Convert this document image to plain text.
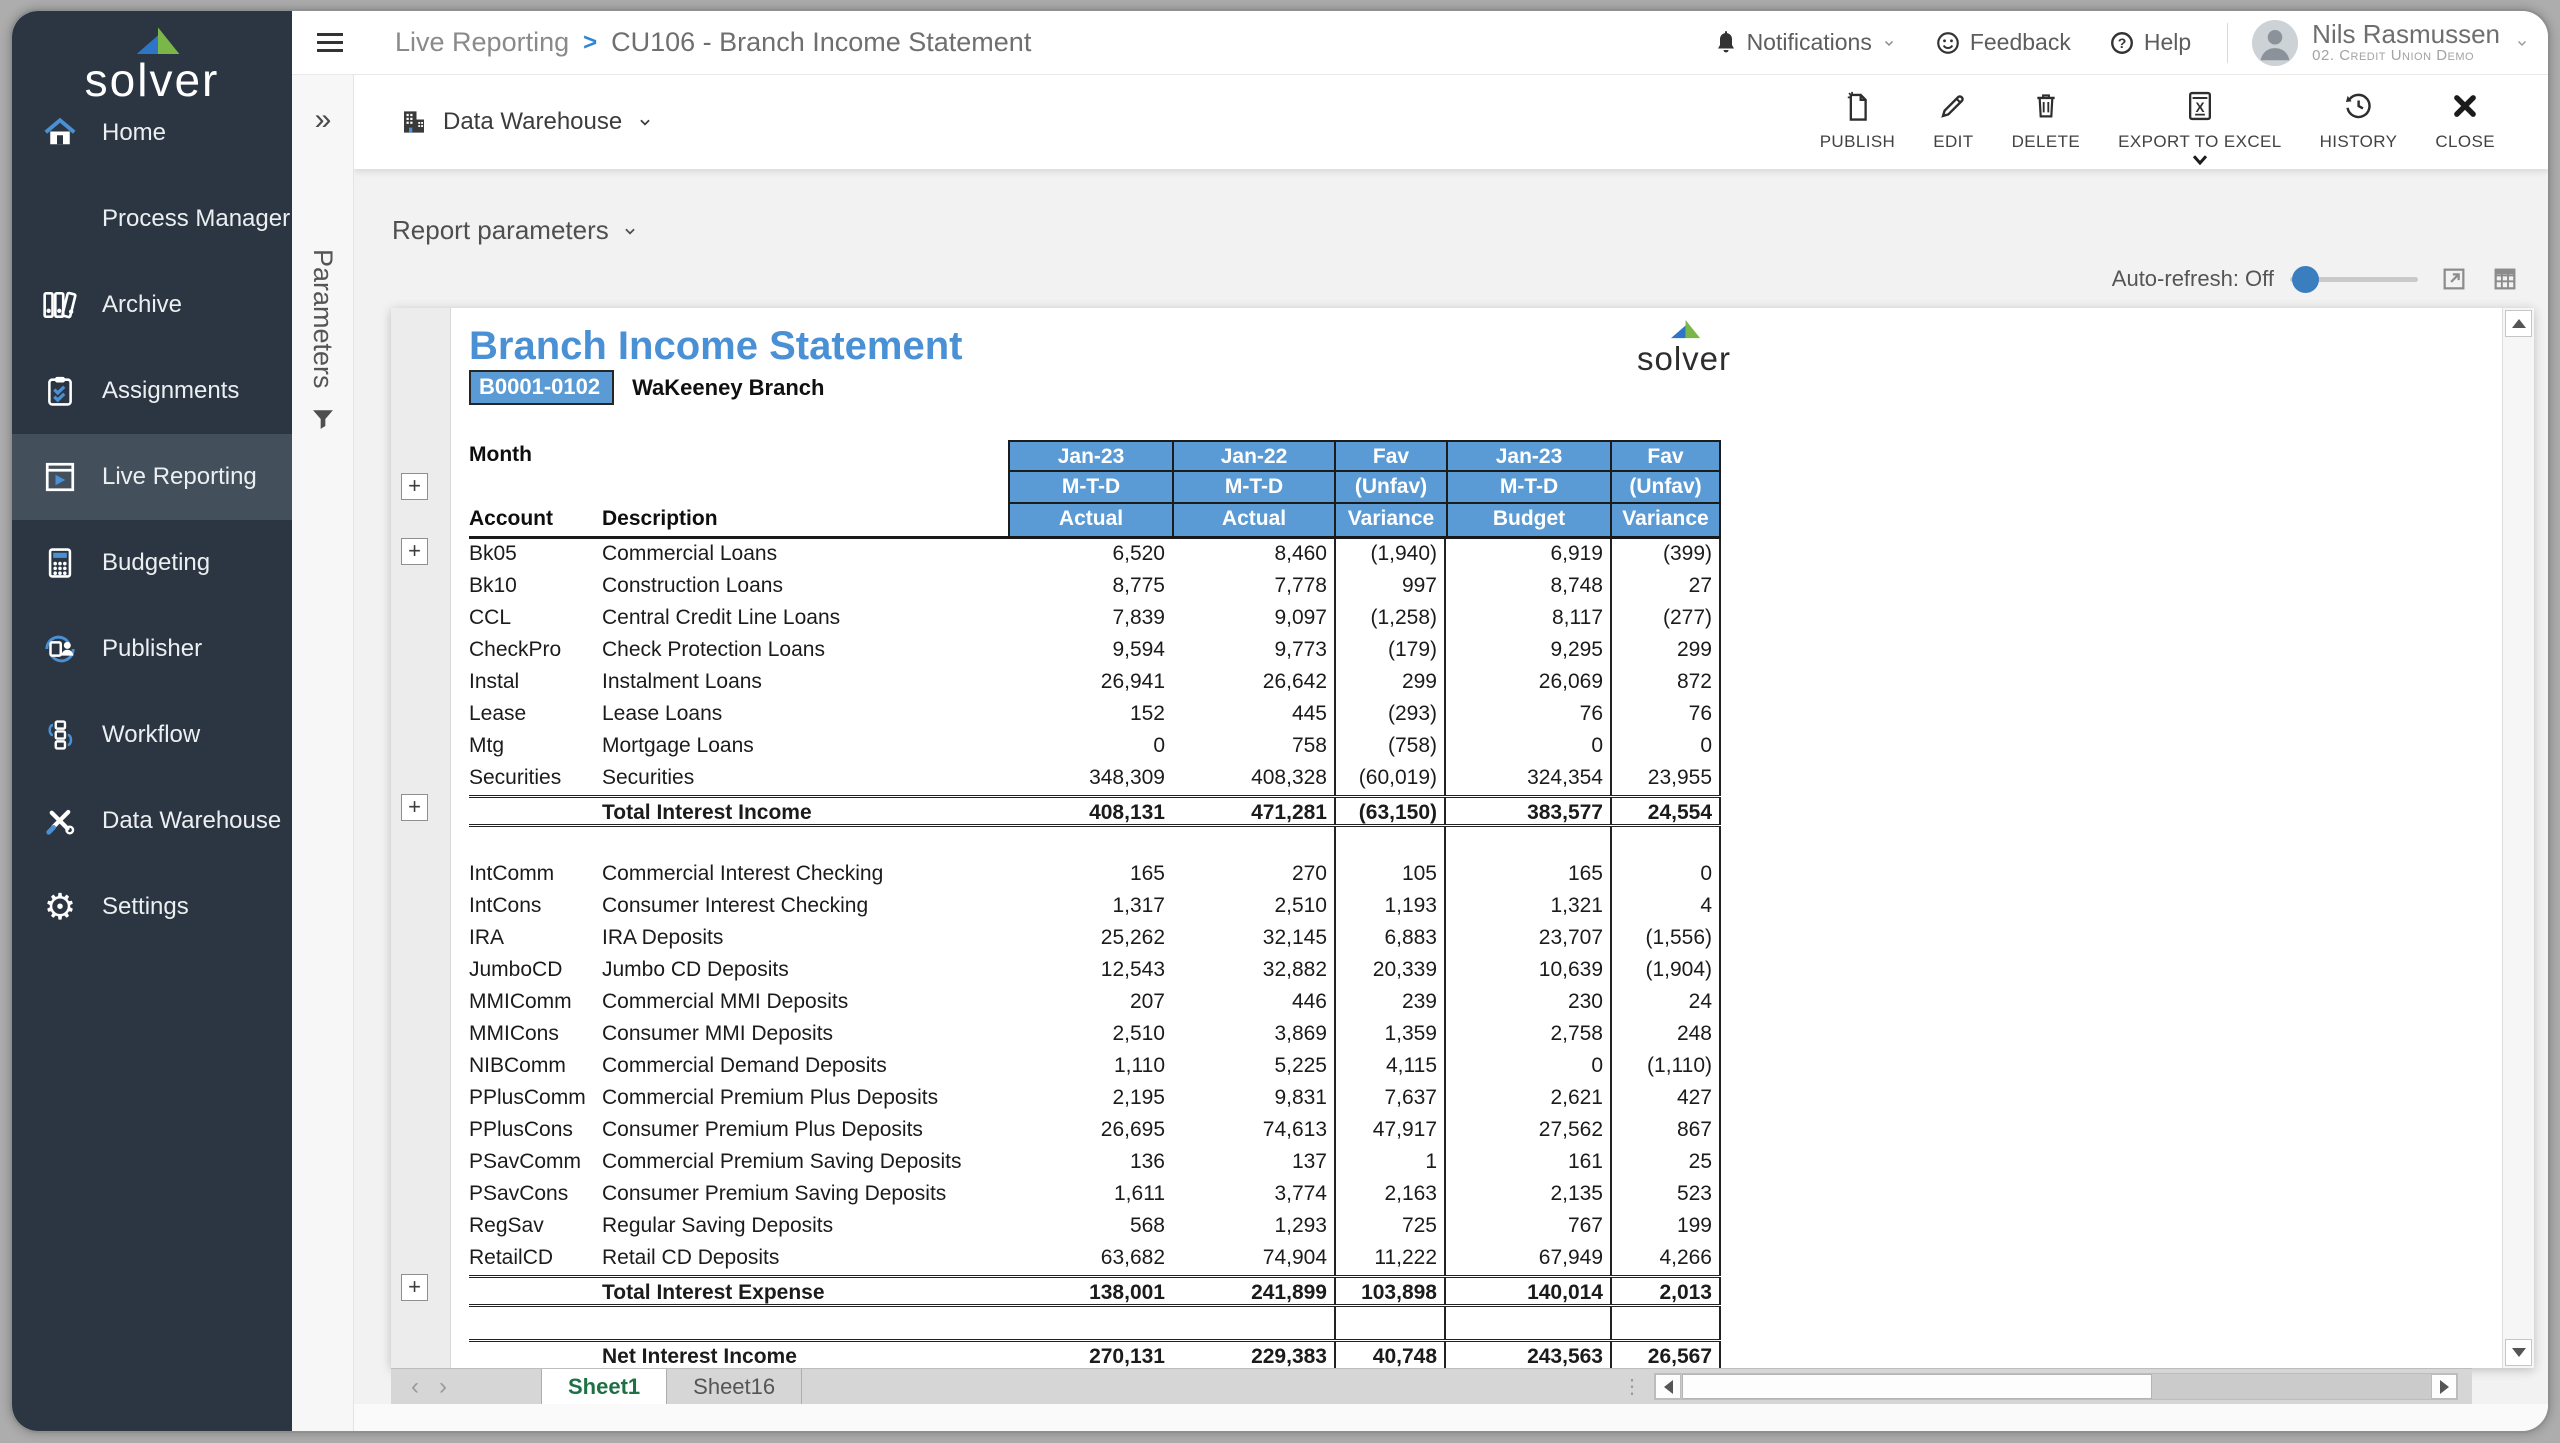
solver
Home
Process Manager
Archive
Assignments
Live Reporting
Budgeting
Publisher
Workflow
Data Warehouse
⚙ Settings
Live Reporting > CU106 - Branch Income Statement	Notifications	Feedback	? Help	Nils Rasmussen
02. Credit Union Demo
»
Parameters
Data Warehouse
PUBLISH EDIT DELETE
X
EXPORT TO EXCEL HISTORY CLOSE
Report parameters
Auto-refresh: Off
+
+
+
+
Branch Income Statement
B0001-0102	WaKeeney Branch
solver
Month	Jan-23	Jan-22	Fav	Jan-23	Fav
M-T-D	M-T-D	(Unfav)	M-T-D	(Unfav)
Account	Description	Actual	Actual	Variance	Budget	Variance
Bk05	Commercial Loans	6,520	8,460	(1,940)	6,919	(399)
Bk10	Construction Loans	8,775	7,778	997	8,748	27
CCL	Central Credit Line Loans	7,839	9,097	(1,258)	8,117	(277)
CheckPro	Check Protection Loans	9,594	9,773	(179)	9,295	299
Instal	Instalment Loans	26,941	26,642	299	26,069	872
Lease	Lease Loans	152	445	(293)	76	76
Mtg	Mortgage Loans	0	758	(758)	0	0
Securities	Securities	348,309	408,328	(60,019)	324,354	23,955
Total Interest Income	408,131	471,281	(63,150)	383,577	24,554
IntComm	Commercial Interest Checking	165	270	105	165	0
IntCons	Consumer Interest Checking	1,317	2,510	1,193	1,321	4
IRA	IRA Deposits	25,262	32,145	6,883	23,707	(1,556)
JumboCD	Jumbo CD Deposits	12,543	32,882	20,339	10,639	(1,904)
MMIComm	Commercial MMI Deposits	207	446	239	230	24
MMICons	Consumer MMI Deposits	2,510	3,869	1,359	2,758	248
NIBComm	Commercial Demand Deposits	1,110	5,225	4,115	0	(1,110)
PPlusComm Commercial Premium Plus Deposits	2,195	9,831	7,637	2,621	427
PPlusCons	Consumer Premium Plus Deposits	26,695	74,613	47,917	27,562	867
PSavComm Commercial Premium Saving Deposits	136	137	1	161	25
PSavCons	Consumer Premium Saving Deposits	1,611	3,774	2,163	2,135	523
RegSav	Regular Saving Deposits	568	1,293	725	767	199
RetailCD	Retail CD Deposits	63,682	74,904	11,222	67,949	4,266
Total Interest Expense	138,001	241,899	103,898	140,014	2,013
Net Interest Income	270,131	229,383	40,748	243,563	26,567
‹ ›	Sheet1	Sheet16	⋮
